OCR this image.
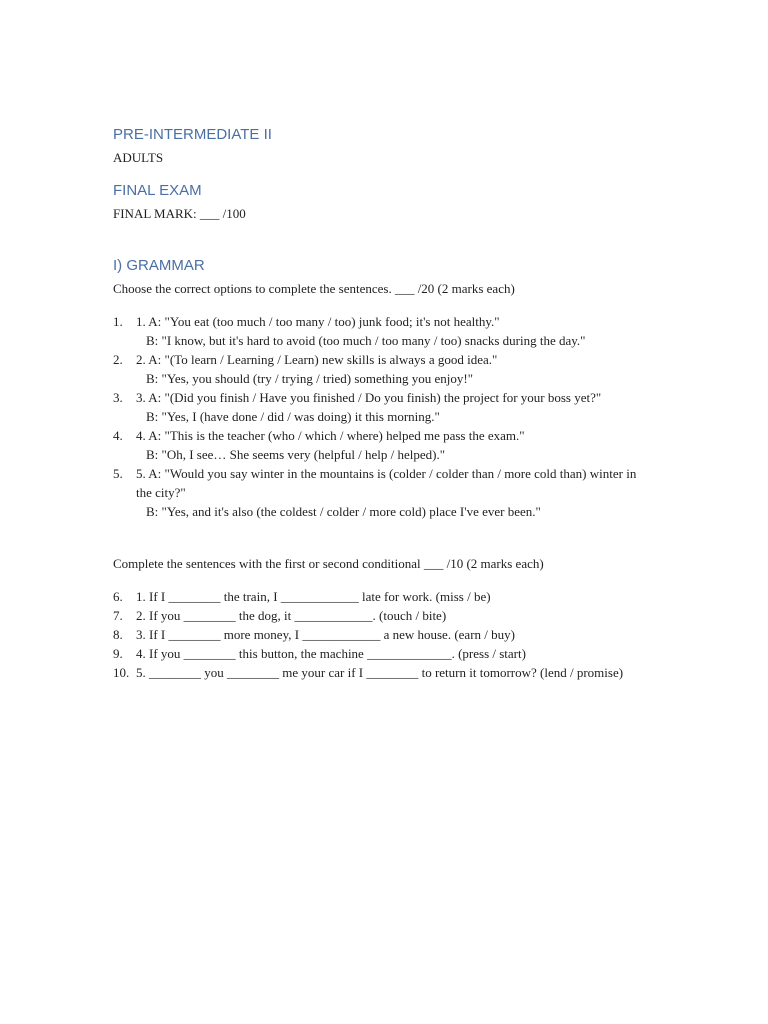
PRE-INTERMEDIATE II

ADULTS

FINAL EXAM

FINAL MARK: ___ /100

I) GRAMMAR

Choose the correct options to complete the sentences. ___ /20 (2 marks each)

1. 1. A: "You eat (too much / too many / too) junk food; it's not healthy."
B: "I know, but it's hard to avoid (too much / too many / too) snacks during the day."
2. 2. A: "(To learn / Learning / Learn) new skills is always a good idea."
B: "Yes, you should (try / trying / tried) something you enjoy!"
3. 3. A: "(Did you finish / Have you finished / Do you finish) the project for your boss yet?"
B: "Yes, I (have done / did / was doing) it this morning."
4. 4. A: "This is the teacher (who / which / where) helped me pass the exam."
B: "Oh, I see… She seems very (helpful / help / helped)."
5. 5. A: "Would you say winter in the mountains is (colder / colder than / more cold than) winter in the city?"
B: "Yes, and it's also (the coldest / colder / more cold) place I've ever been."

Complete the sentences with the first or second conditional ___ /10 (2 marks each)

6. 1. If I ________ the train, I ____________ late for work. (miss / be)
7. 2. If you ________ the dog, it ____________. (touch / bite)
8. 3. If I ________ more money, I ____________ a new house. (earn / buy)
9. 4. If you ________ this button, the machine _____________. (press / start)
10. 5. ________ you ________ me your car if I ________ to return it tomorrow? (lend / promise)
